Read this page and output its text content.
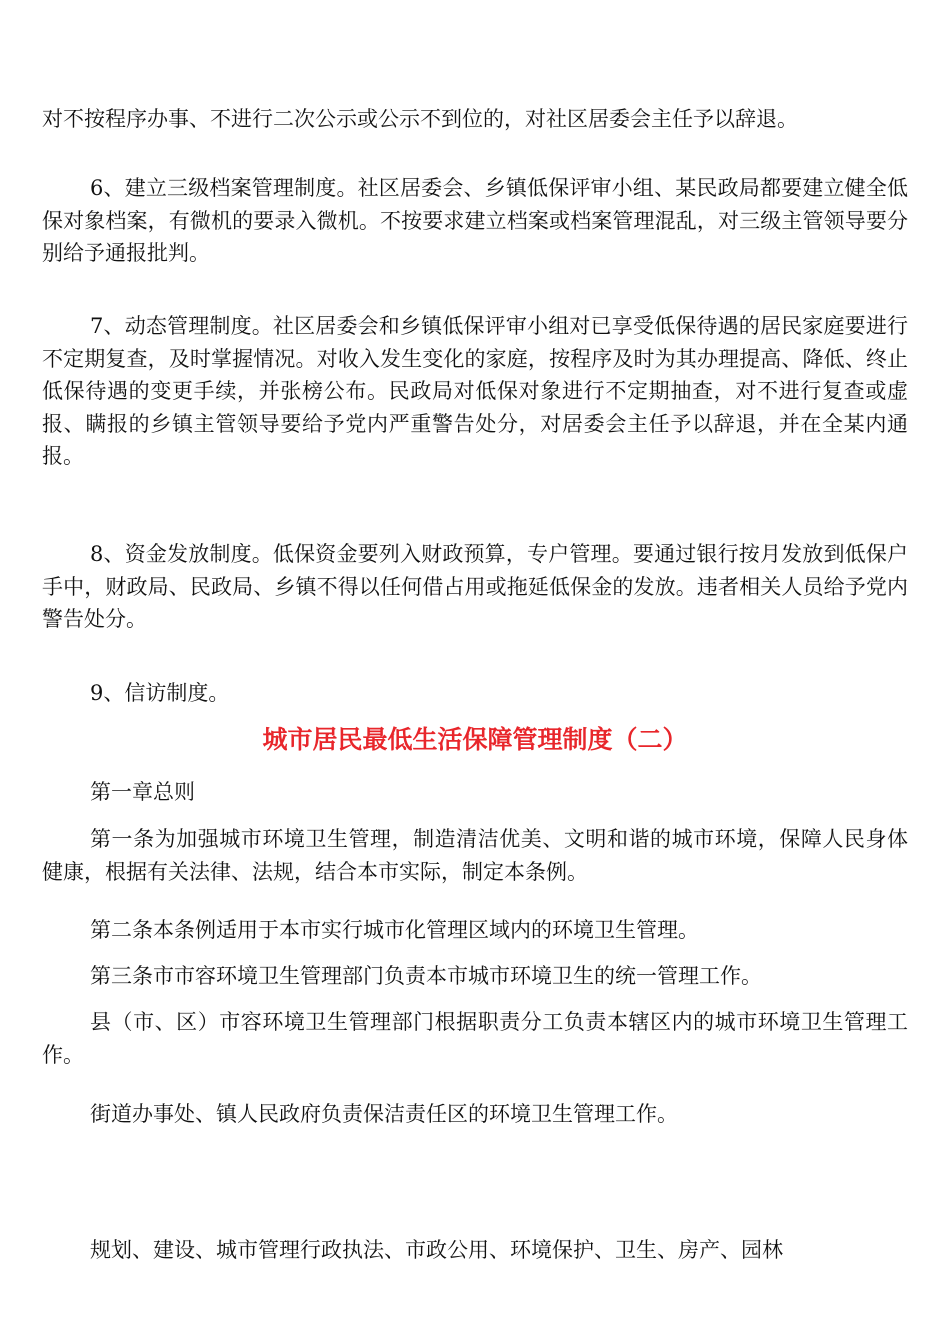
对不按程序办事、不进行二次公示或公示不到位的，对社区居委会主任予以辞退。

6、建立三级档案管理制度。社区居委会、乡镇低保评审小组、某民政局都要建立健全低保对象档案，有微机的要录入微机。不按要求建立档案或档案管理混乱，对三级主管领导要分别给予通报批判。

7、动态管理制度。社区居委会和乡镇低保评审小组对已享受低保待遇的居民家庭要进行不定期复查，及时掌握情况。对收入发生变化的家庭，按程序及时为其办理提高、降低、终止低保待遇的变更手续，并张榜公布。民政局对低保对象进行不定期抽查，对不进行复查或虚报、瞒报的乡镇主管领导要给予党内严重警告处分，对居委会主任予以辞退，并在全某内通报。

8、资金发放制度。低保资金要列入财政预算，专户管理。要通过银行按月发放到低保户手中，财政局、民政局、乡镇不得以任何借占用或拖延低保金的发放。违者相关人员给予党内警告处分。

9、信访制度。

城市居民最低生活保障管理制度（二）

第一章总则

第一条为加强城市环境卫生管理，制造清洁优美、文明和谐的城市环境，保障人民身体健康，根据有关法律、法规，结合本市实际，制定本条例。

第二条本条例适用于本市实行城市化管理区域内的环境卫生管理。

第三条市市容环境卫生管理部门负责本市城市环境卫生的统一管理工作。

县（市、区）市容环境卫生管理部门根据职责分工负责本辖区内的城市环境卫生管理工作。

街道办事处、镇人民政府负责保洁责任区的环境卫生管理工作。

规划、建设、城市管理行政执法、市政公用、环境保护、卫生、房产、园林
